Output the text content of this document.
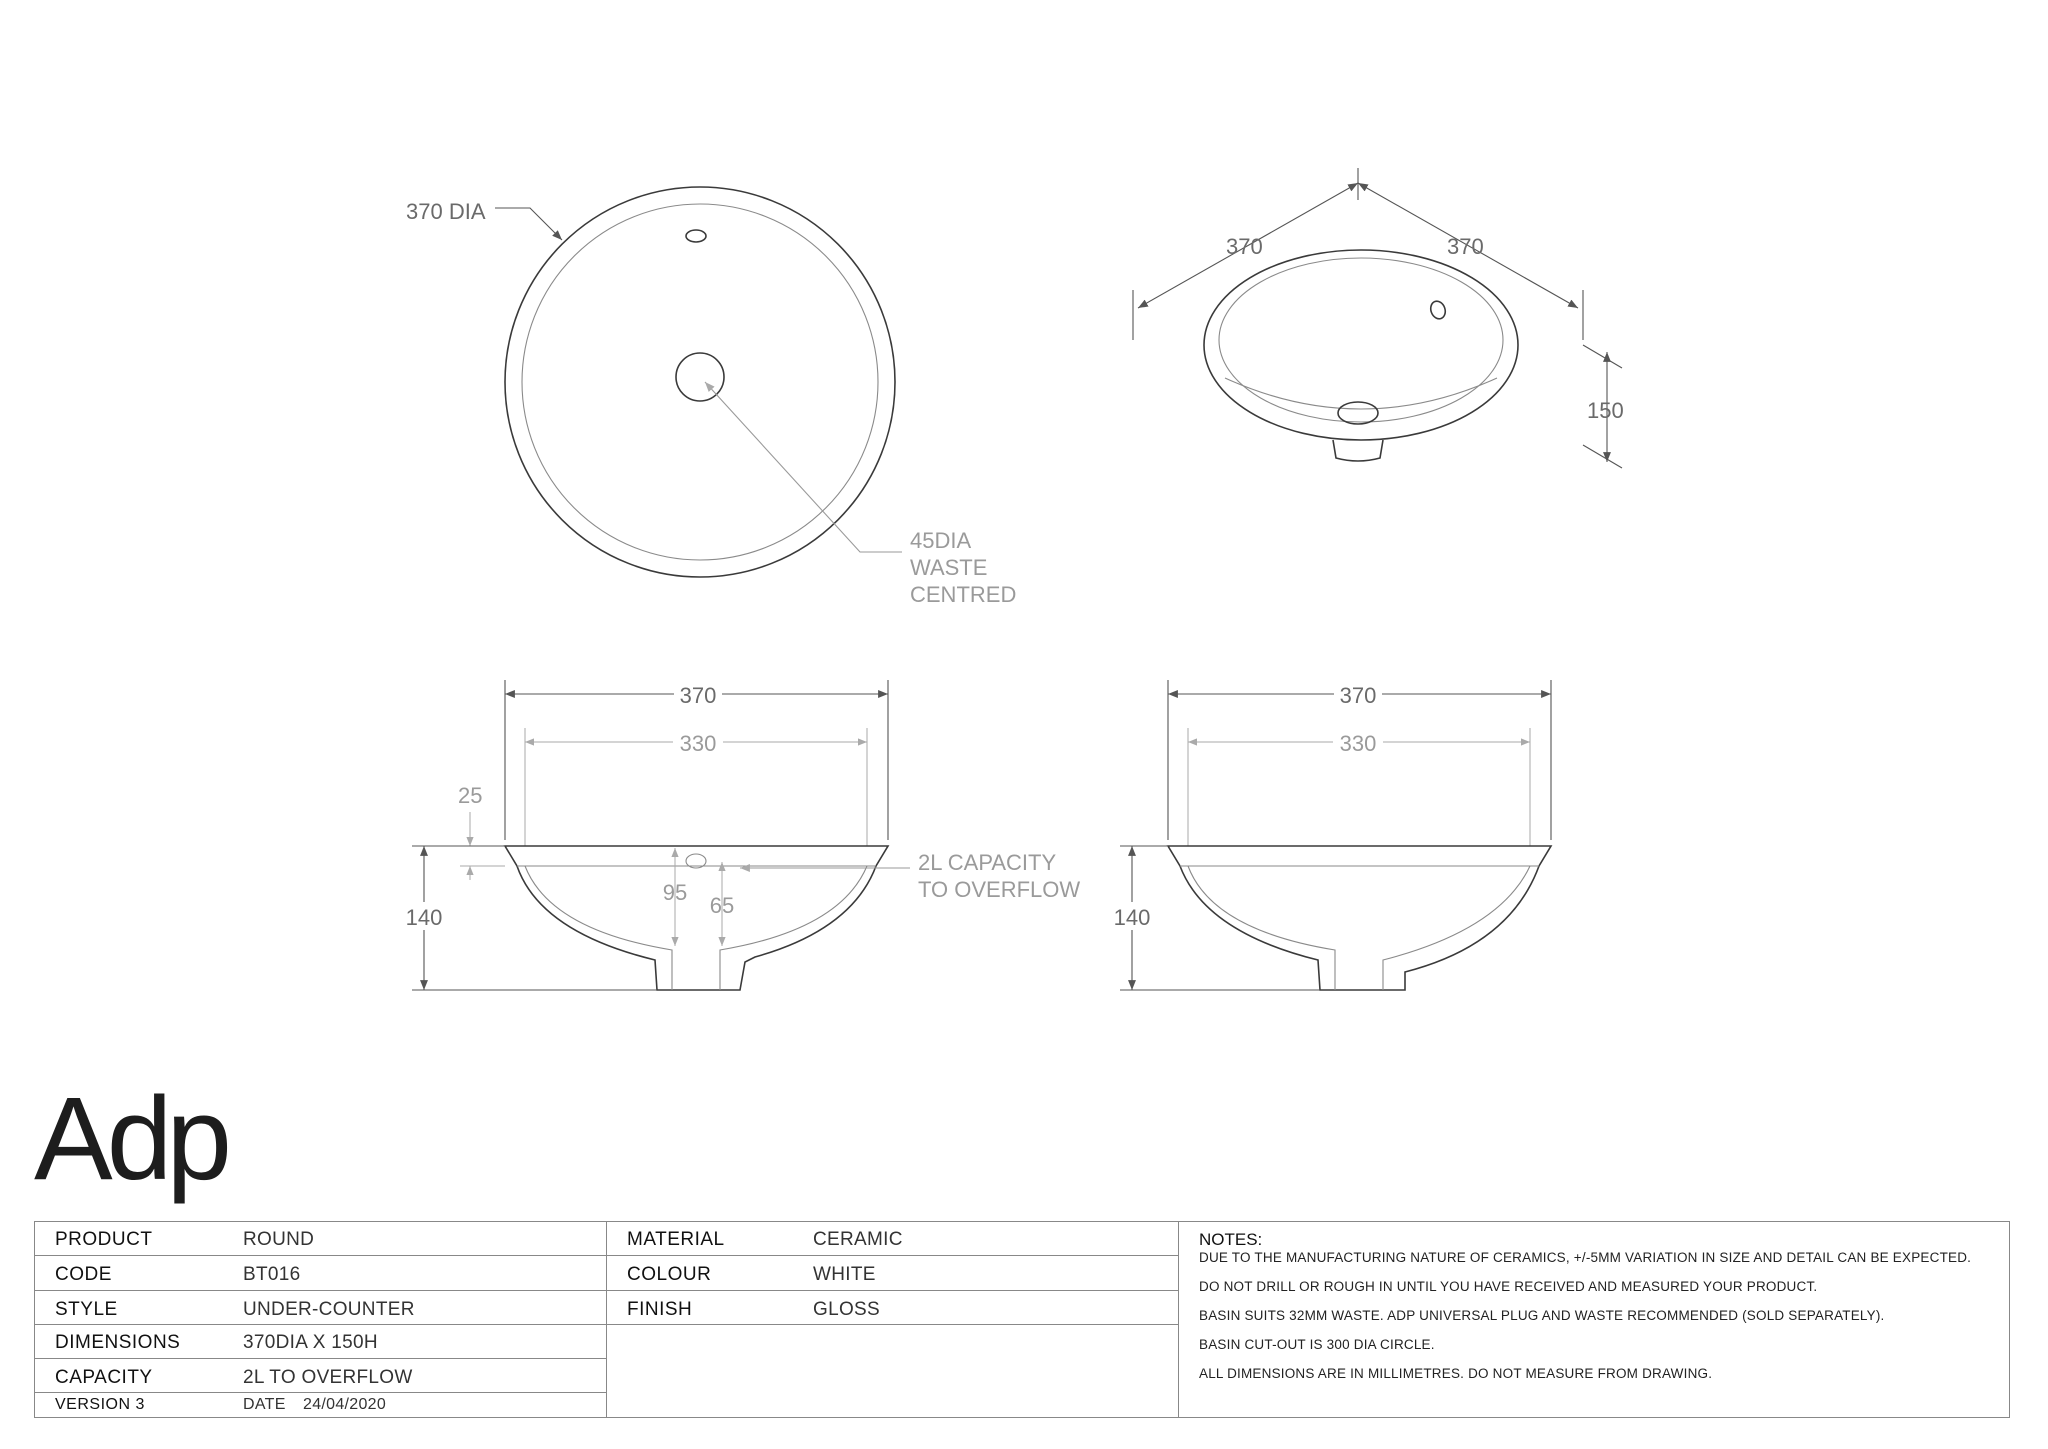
370 DIA
45DIA
WASTE
CENTRED
370	370
150
370
330
25
140
95
65
2L CAPACITY
TO OVERFLOW
370
330
140
Adp
PRODUCT	ROUND
CODE	BT016
STYLE	UNDER-COUNTER
DIMENSIONS	370DIA X 150H
CAPACITY	2L TO OVERFLOW
VERSION 3	DATE 24/04/2020
MATERIAL	CERAMIC
COLOUR	WHITE
FINISH	GLOSS
NOTES:
DUE TO THE MANUFACTURING NATURE OF CERAMICS, +/-5MM VARIATION IN SIZE AND DETAIL CAN BE EXPECTED.
DO NOT DRILL OR ROUGH IN UNTIL YOU HAVE RECEIVED AND MEASURED YOUR PRODUCT.
BASIN SUITS 32MM WASTE. ADP UNIVERSAL PLUG AND WASTE RECOMMENDED (SOLD SEPARATELY).
BASIN CUT-OUT IS 300 DIA CIRCLE.
ALL DIMENSIONS ARE IN MILLIMETRES. DO NOT MEASURE FROM DRAWING.
